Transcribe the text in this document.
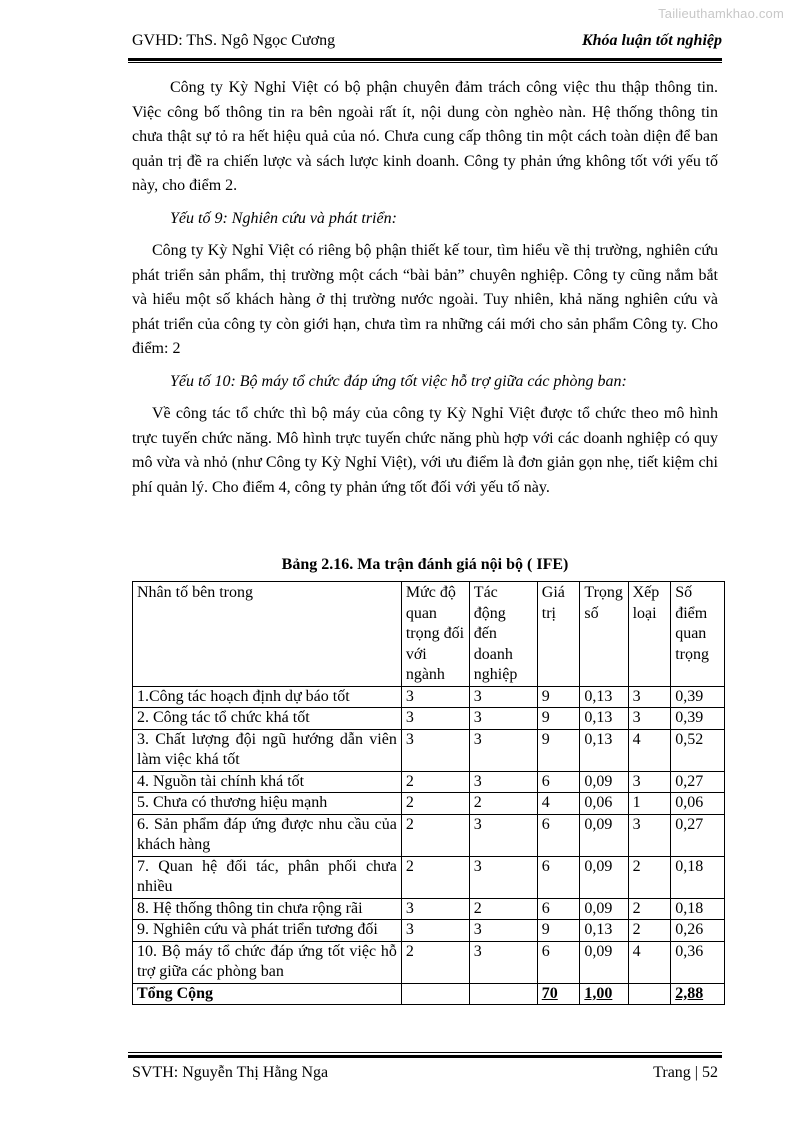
Tailieuthamkhao.com
GVHD: ThS. Ngô Ngọc Cương	Khóa luận tốt nghiệp

Công ty Kỳ Nghỉ Việt có bộ phận chuyên đảm trách công việc thu thập thông tin. Việc công bố thông tin ra bên ngoài rất ít, nội dung còn nghèo nàn. Hệ thống thông tin chưa thật sự tỏ ra hết hiệu quả của nó. Chưa cung cấp thông tin một cách toàn diện để ban quản trị đề ra chiến lược và sách lược kinh doanh. Công ty phản ứng không tốt với yếu tố này, cho điểm 2.

Yếu tố 9: Nghiên cứu và phát triển:

Công ty Kỳ Nghỉ Việt có riêng bộ phận thiết kế tour, tìm hiểu về thị trường, nghiên cứu phát triển sản phẩm, thị trường một cách “bài bản” chuyên nghiệp. Công ty cũng nắm bắt và hiểu một số khách hàng ở thị trường nước ngoài. Tuy nhiên, khả năng nghiên cứu và phát triển của công ty còn giới hạn, chưa tìm ra những cái mới cho sản phẩm Công ty. Cho điểm: 2

Yếu tố 10: Bộ máy tổ chức đáp ứng tốt việc hỗ trợ giữa các phòng ban:

Về công tác tổ chức thì bộ máy của công ty Kỳ Nghỉ Việt được tổ chức theo mô hình trực tuyến chức năng. Mô hình trực tuyến chức năng phù hợp với các doanh nghiệp có quy mô vừa và nhỏ (như Công ty Kỳ Nghỉ Việt), với ưu điểm là đơn giản gọn nhẹ, tiết kiệm chi phí quản lý. Cho điểm 4, công ty phản ứng tốt đối với yếu tố này.

Bảng 2.16. Ma trận đánh giá nội bộ ( IFE)
Nhân tố bên trong	Mức độ quan trọng đối với ngành	Tác động đến doanh nghiệp	Giá trị	Trọng số	Xếp loại	Số điểm quan trọng
1.Công tác hoạch định dự báo tốt	3	3	9	0,13	3	0,39
2. Công tác tổ chức khá tốt	3	3	9	0,13	3	0,39
3. Chất lượng đội ngũ hướng dẫn viên làm việc khá tốt	3	3	9	0,13	4	0,52
4. Nguồn tài chính khá tốt	2	3	6	0,09	3	0,27
5. Chưa có thương hiệu mạnh	2	2	4	0,06	1	0,06
6. Sản phẩm đáp ứng được nhu cầu của khách hàng	2	3	6	0,09	3	0,27
7. Quan hệ đối tác, phân phối chưa nhiều	2	3	6	0,09	2	0,18
8. Hệ thống thông tin chưa rộng rãi	3	2	6	0,09	2	0,18
9. Nghiên cứu và phát triển tương đối	3	3	9	0,13	2	0,26
10. Bộ máy tổ chức đáp ứng tốt việc hỗ trợ giữa các phòng ban	2	3	6	0,09	4	0,36
Tổng Cộng			70	1,00		2,88
SVTH: Nguyễn Thị Hằng Nga	Trang | 52
